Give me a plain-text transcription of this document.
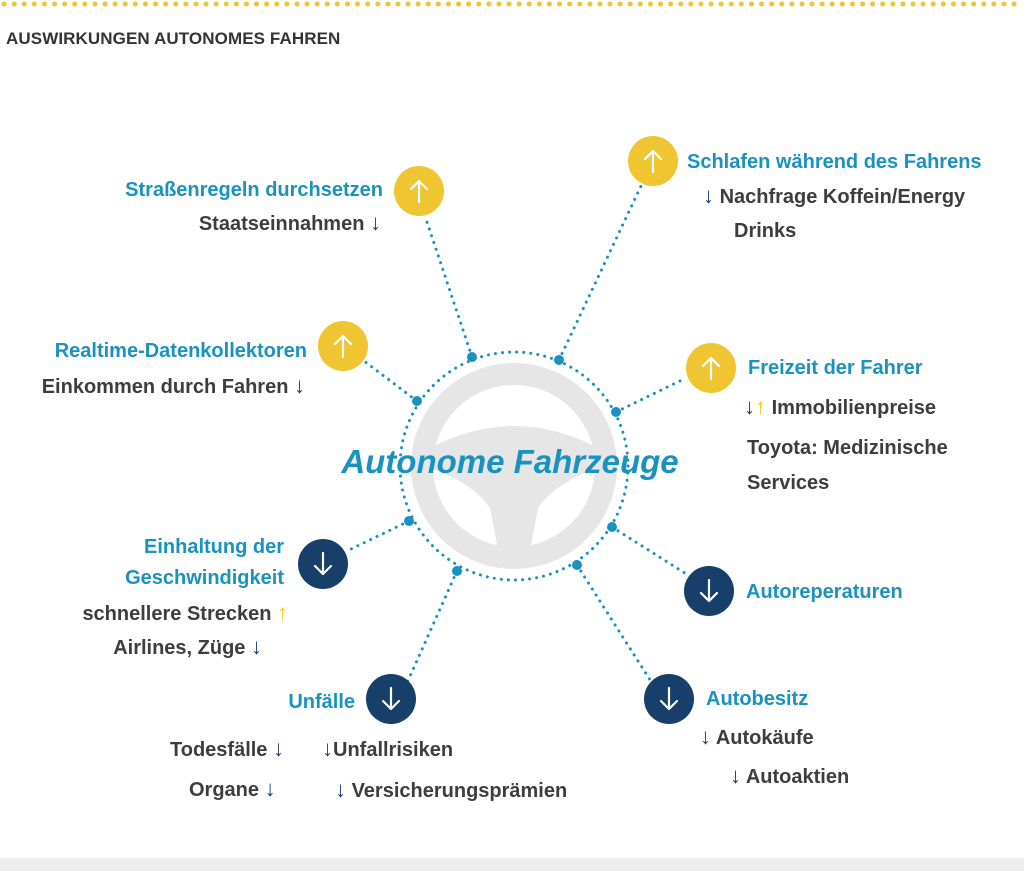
AUSWIRKUNGEN AUTONOMES FAHREN
Autonome Fahrzeuge
Straßenregeln durchsetzen
Staatseinnahmen ↓
Schlafen während des Fahrens
↓ Nachfrage Koffein/Energy
Drinks
Realtime-Datenkollektoren
Einkommen durch Fahren ↓
Freizeit der Fahrer
↓↑ Immobilienpreise
Toyota: Medizinische
Services
Einhaltung der
Geschwindigkeit
schnellere Strecken ↑
Airlines, Züge ↓
Autoreperaturen
Unfälle
Todesfälle ↓ ↓Unfallrisiken
Organe ↓	↓ Versicherungsprämien
Autobesitz
↓ Autokäufe
↓ Autoaktien
